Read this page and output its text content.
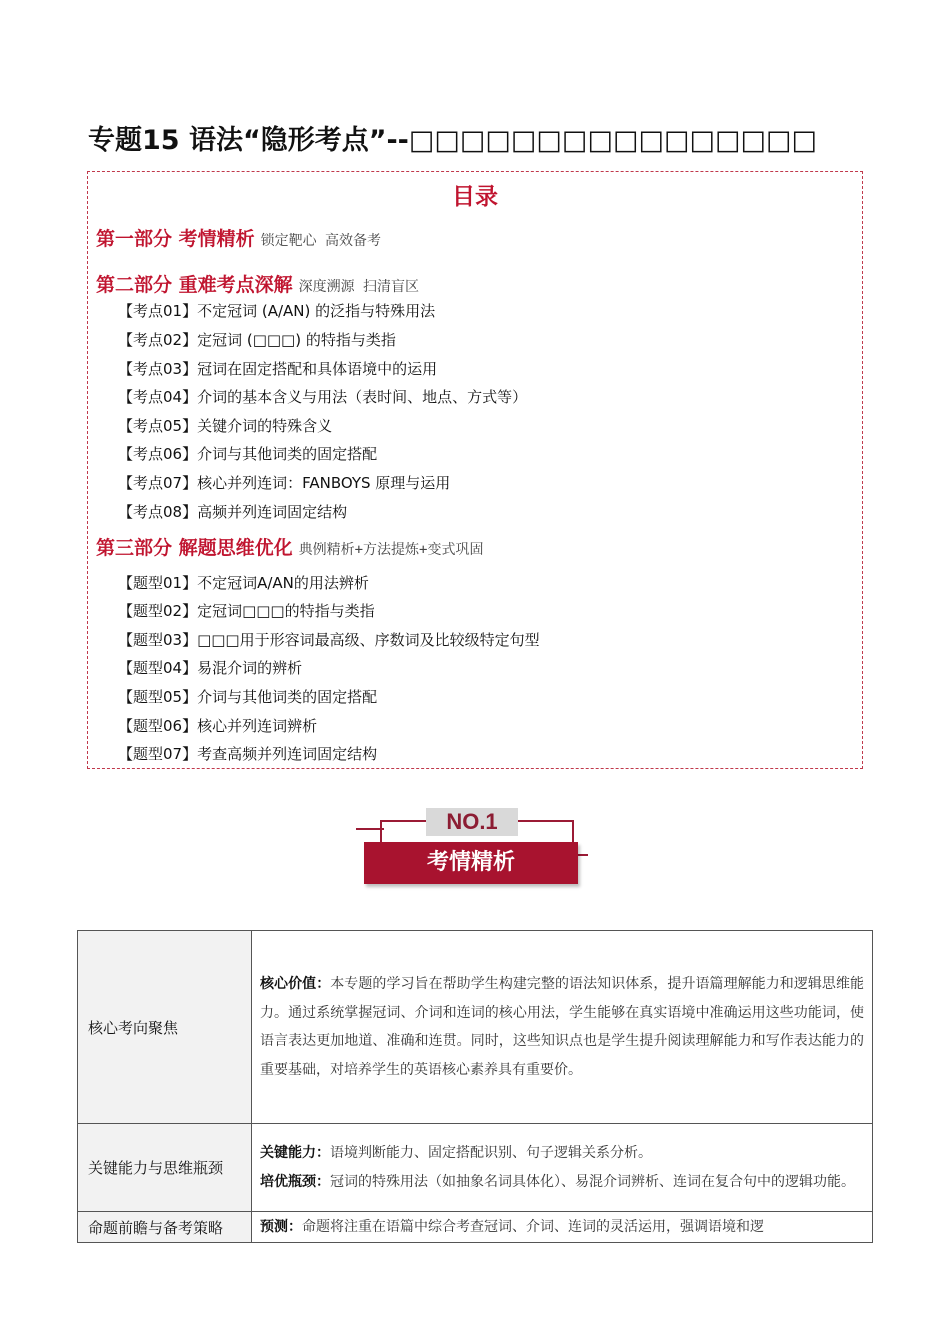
专题15 语法“隐形考点”--□□□□□□□□□□□□□□□□
目录
第一部分 考情精析 锁定靶心 高效备考
第二部分 重难考点深解 深度溯源 扫清盲区
【考点01】不定冠词 (A/AN) 的泛指与特殊用法
【考点02】定冠词 (□□□) 的特指与类指
【考点03】冠词在固定搭配和具体语境中的运用
【考点04】介词的基本含义与用法（表时间、地点、方式等）
【考点05】关键介词的特殊含义
【考点06】介词与其他词类的固定搭配
【考点07】核心并列连词：FANBOYS 原理与运用
【考点08】高频并列连词固定结构
第三部分 解题思维优化 典例精析+方法提炼+变式巩固
【题型01】不定冠词A/AN的用法辨析
【题型02】定冠词□□□的特指与类指
【题型03】□□□用于形容词最高级、序数词及比较级特定句型
【题型04】易混介词的辨析
【题型05】介词与其他词类的固定搭配
【题型06】核心并列连词辨析
【题型07】考查高频并列连词固定结构
NO.1
考情精析
核心考向聚焦	核心价值：本专题的学习旨在帮助学生构建完整的语法知识体系，提升语篇理解能力和逻辑思维能力。通过系统掌握冠词、介词和连词的核心用法，学生能够在真实语境中准确运用这些功能词，使语言表达更加地道、准确和连贯。同时，这些知识点也是学生提升阅读理解能力和写作表达能力的重要基础，对培养学生的英语核心素养具有重要价。
关键能力与思维瓶颈	关键能力：语境判断能力、固定搭配识别、句子逻辑关系分析。
培优瓶颈：冠词的特殊用法（如抽象名词具体化）、易混介词辨析、连词在复合句中的逻辑功能。
命题前瞻与备考策略	预测：命题将注重在语篇中综合考查冠词、介词、连词的灵活运用，强调语境和逻
